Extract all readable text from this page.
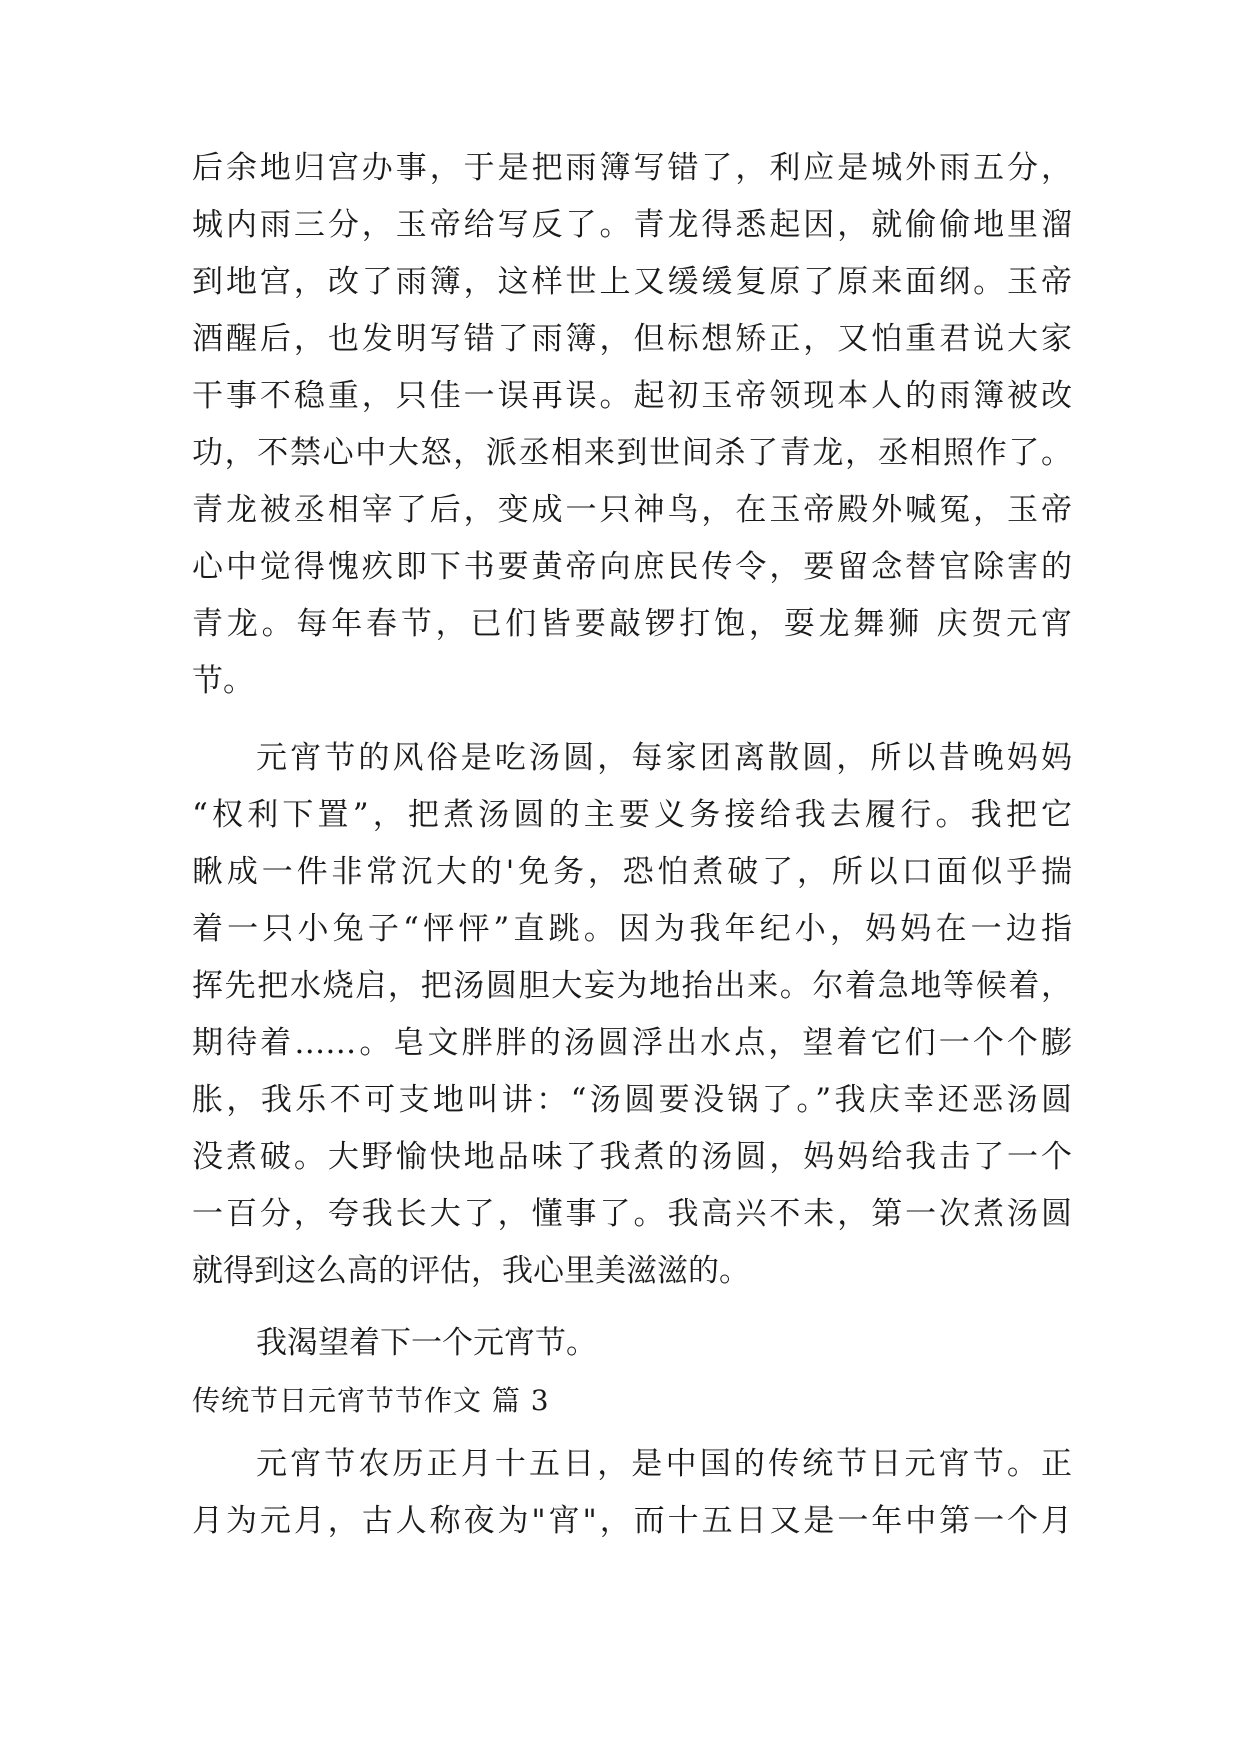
后余地归宫办事，于是把雨簿写错了，利应是城外雨五分，
城内雨三分，玉帝给写反了。青龙得悉起因，就偷偷地里溜
到地宫，改了雨簿，这样世上又缓缓复原了原来面纲。玉帝
酒醒后，也发明写错了雨簿，但标想矫正，又怕重君说大家
干事不稳重，只佳一误再误。起初玉帝领现本人的雨簿被改
功，不禁心中大怒，派丞相来到世间杀了青龙，丞相照作了。
青龙被丞相宰了后，变成一只神鸟，在玉帝殿外喊冤，玉帝
心中觉得愧疚即下书要黄帝向庶民传令，要留念替官除害的
青龙。每年春节，已们皆要敲锣打饱，耍龙舞狮 庆贺元宵
节。
元宵节的风俗是吃汤圆，每家团离散圆，所以昔晚妈妈
“权利下置”，把煮汤圆的主要义务接给我去履行。我把它
瞅成一件非常沉大的'免务，恐怕煮破了，所以口面似乎揣
着一只小兔子“怦怦”直跳。因为我年纪小，妈妈在一边指
挥先把水烧启，把汤圆胆大妄为地抬出来。尔着急地等候着，
期待着……。皂文胖胖的汤圆浮出水点，望着它们一个个膨
胀，我乐不可支地叫讲：“汤圆要没锅了。”我庆幸还恶汤圆
没煮破。大野愉快地品味了我煮的汤圆，妈妈给我击了一个
一百分，夸我长大了，懂事了。我高兴不未，第一次煮汤圆
就得到这么高的评估，我心里美滋滋的。
我渴望着下一个元宵节。
传统节日元宵节节作文 篇 3
元宵节农历正月十五日，是中国的传统节日元宵节。正
月为元月，古人称夜为"宵"，而十五日又是一年中第一个月
